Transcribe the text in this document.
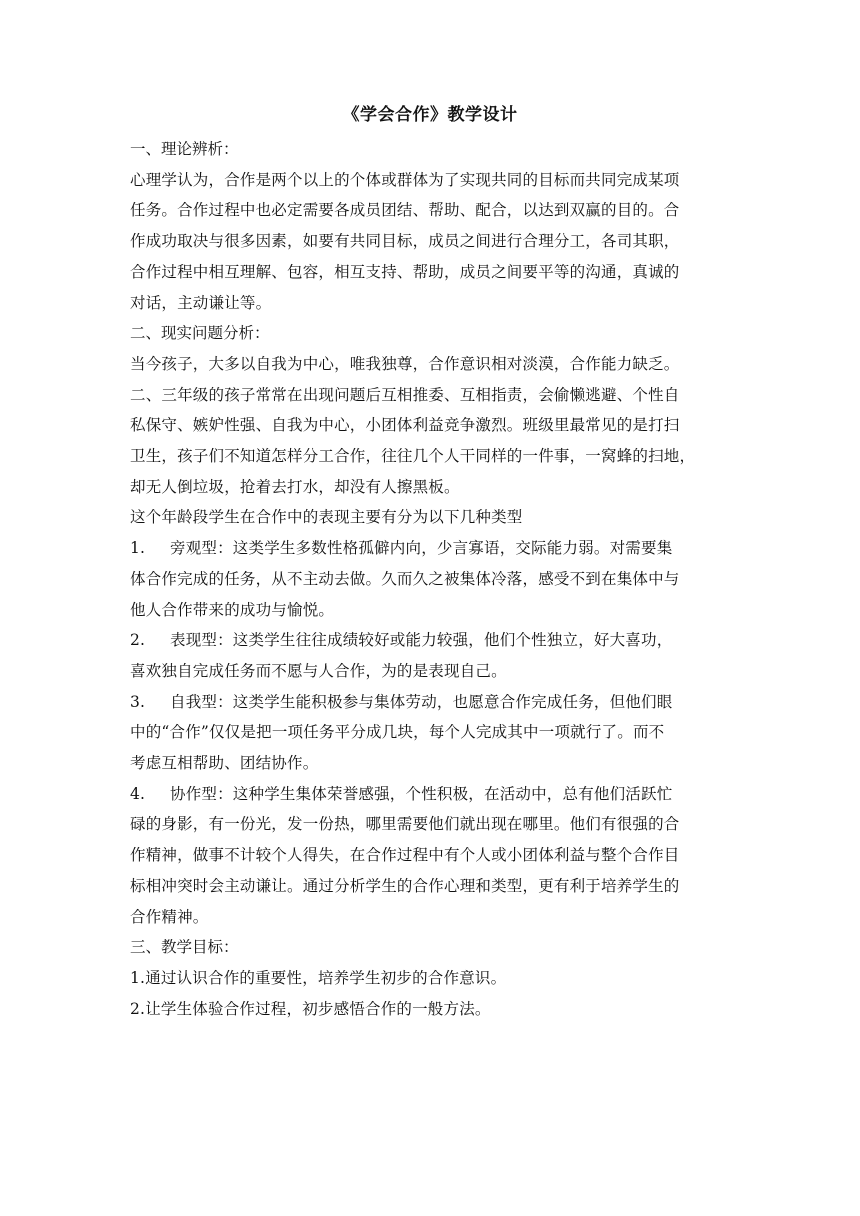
《学会合作》教学设计

一、理论辨析：

心理学认为，合作是两个以上的个体或群体为了实现共同的目标而共同完成某项

任务。合作过程中也必定需要各成员团结、帮助、配合，以达到双赢的目的。合

作成功取决与很多因素，如要有共同目标，成员之间进行合理分工，各司其职，

合作过程中相互理解、包容，相互支持、帮助，成员之间要平等的沟通，真诚的

对话，主动谦让等。

二、现实问题分析：

当今孩子，大多以自我为中心，唯我独尊，合作意识相对淡漠，合作能力缺乏。

二、三年级的孩子常常在出现问题后互相推委、互相指责，会偷懒逃避、个性自

私保守、嫉妒性强、自我为中心，小团体利益竞争激烈。班级里最常见的是打扫

卫生，孩子们不知道怎样分工合作，往往几个人干同样的一件事，一窝蜂的扫地，

却无人倒垃圾，抢着去打水，却没有人擦黑板。

这个年龄段学生在合作中的表现主要有分为以下几种类型

1. 旁观型：这类学生多数性格孤僻内向，少言寡语，交际能力弱。对需要集

体合作完成的任务，从不主动去做。久而久之被集体冷落，感受不到在集体中与

他人合作带来的成功与愉悦。

2. 表现型：这类学生往往成绩较好或能力较强，他们个性独立，好大喜功，

喜欢独自完成任务而不愿与人合作，为的是表现自己。

3. 自我型：这类学生能积极参与集体劳动，也愿意合作完成任务，但他们眼

中的“合作”仅仅是把一项任务平分成几块，每个人完成其中一项就行了。而不

考虑互相帮助、团结协作。

4. 协作型：这种学生集体荣誉感强，个性积极，在活动中，总有他们活跃忙

碌的身影，有一份光，发一份热，哪里需要他们就出现在哪里。他们有很强的合

作精神，做事不计较个人得失，在合作过程中有个人或小团体利益与整个合作目

标相冲突时会主动谦让。通过分析学生的合作心理和类型，更有利于培养学生的

合作精神。

三、教学目标：

1.通过认识合作的重要性，培养学生初步的合作意识。

2.让学生体验合作过程，初步感悟合作的一般方法。
